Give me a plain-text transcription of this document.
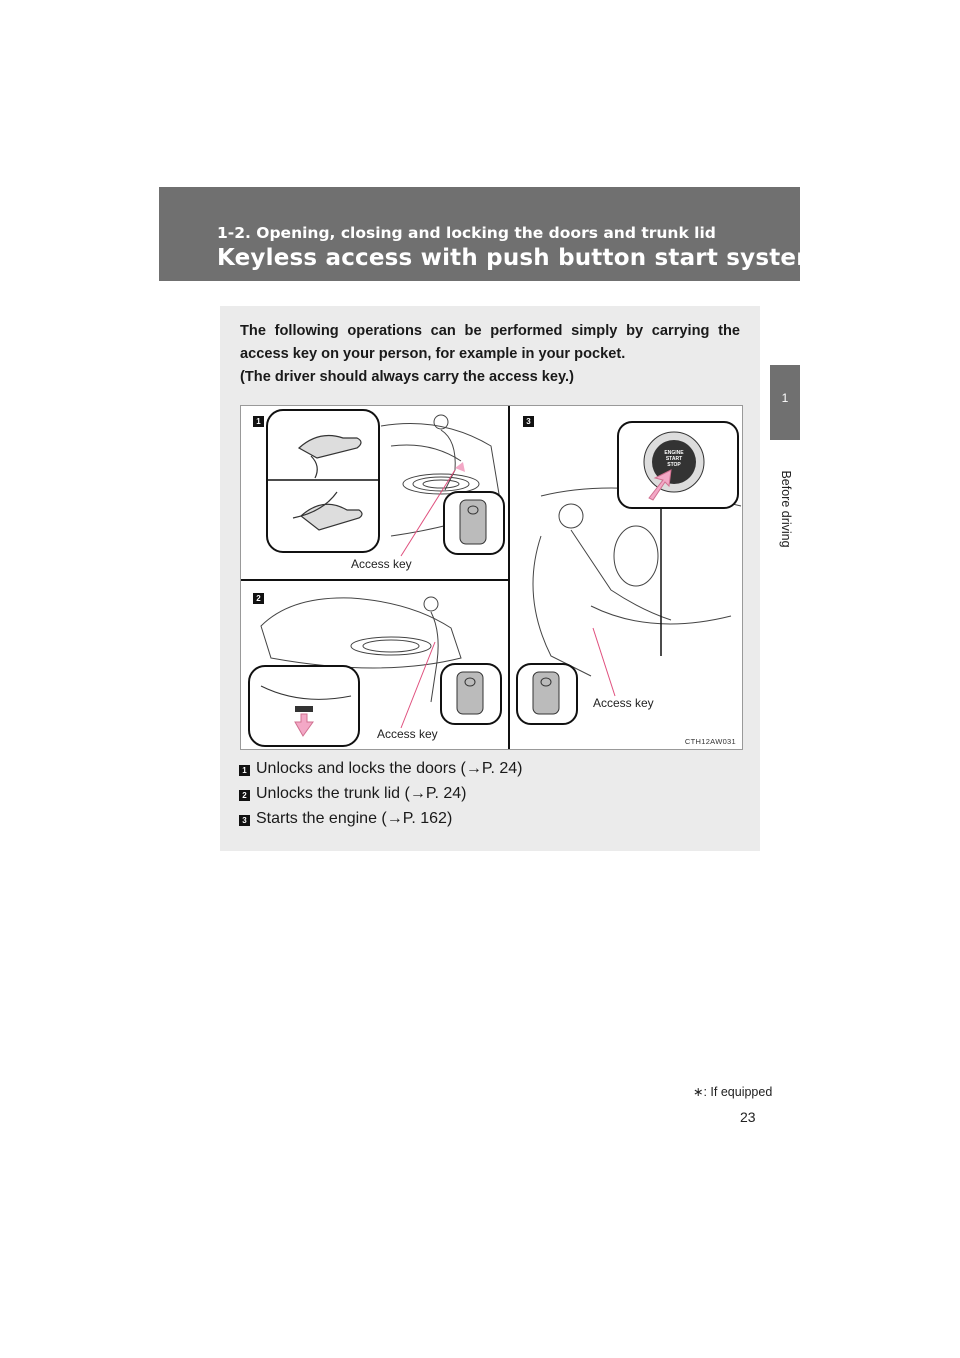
1-2. Opening, closing and locking the doors and trunk lid
Keyless access with push button start system ∗
1
Before driving

The following operations can be performed simply by carrying the access key on your person, for example in your pocket.

(The driver should always carry the access key.)

1
2
3
Access key
Access key
Access key
ENGINE
START
STOP
CTH12AW031
1 Unlocks and locks the doors (→P. 24)
2 Unlocks the trunk lid (→P. 24)
3 Starts the engine (→P. 162)
∗: If equipped
23
